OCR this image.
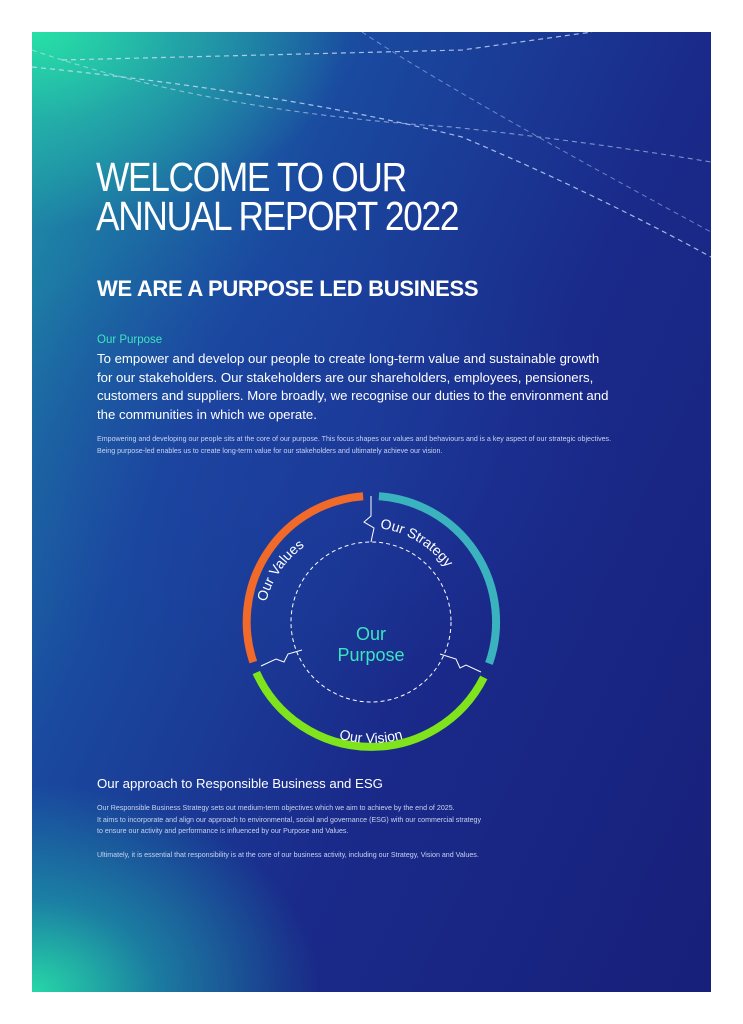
WELCOME TO OUR
ANNUAL REPORT 2022
WE ARE A PURPOSE LED BUSINESS
Our Purpose
To empower and develop our people to create long-term value and sustainable growth for our stakeholders. Our stakeholders are our shareholders, employees, pensioners, customers and suppliers. More broadly, we recognise our duties to the environment and the communities in which we operate.
Empowering and developing our people sits at the core of our purpose. This focus shapes our values and behaviours and is a key aspect of our strategic objectives. Being purpose-led enables us to create long-term value for our stakeholders and ultimately achieve our vision.
Our Values
Our Strategy
Our Vision
Our
Purpose
Our approach to Responsible Business and ESG
Our Responsible Business Strategy sets out medium-term objectives which we aim to achieve by the end of 2025.
It aims to incorporate and align our approach to environmental, social and governance (ESG) with our commercial strategy
to ensure our activity and performance is influenced by our Purpose and Values.
Ultimately, it is essential that responsibility is at the core of our business activity, including our Strategy, Vision and Values.
